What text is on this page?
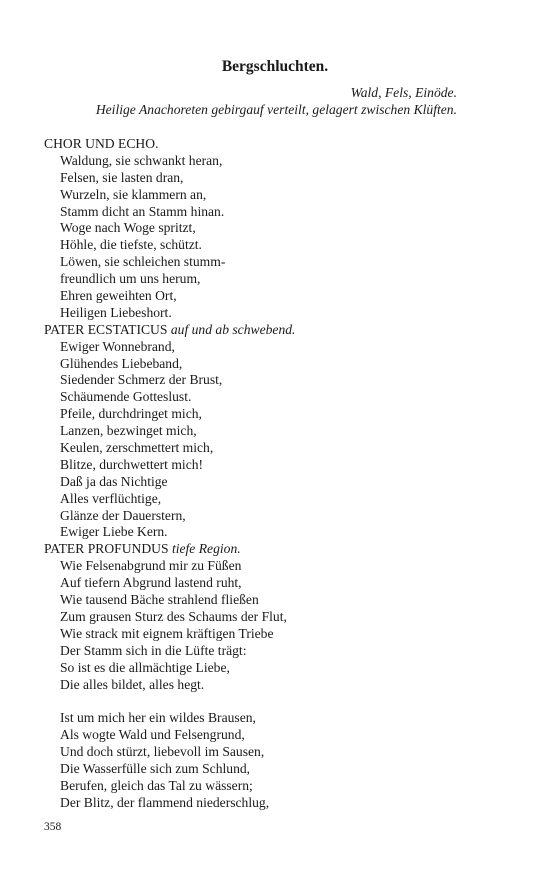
Bergschluchten.
Wald, Fels, Einöde.
Heilige Anachoreten gebirgauf verteilt, gelagert zwischen Klüften.
CHOR UND ECHO.
Waldung, sie schwankt heran,
Felsen, sie lasten dran,
Wurzeln, sie klammern an,
Stamm dicht an Stamm hinan.
Woge nach Woge spritzt,
Höhle, die tiefste, schützt.
Löwen, sie schleichen stumm-
freundlich um uns herum,
Ehren geweihten Ort,
Heiligen Liebeshort.
PATER ECSTATICUS auf und ab schwebend.
Ewiger Wonnebrand,
Glühendes Liebeband,
Siedender Schmerz der Brust,
Schäumende Gotteslust.
Pfeile, durchdringet mich,
Lanzen, bezwinget mich,
Keulen, zerschmettert mich,
Blitze, durchwettert mich!
Daß ja das Nichtige
Alles verflüchtige,
Glänze der Dauerstern,
Ewiger Liebe Kern.
PATER PROFUNDUS tiefe Region.
Wie Felsenabgrund mir zu Füßen
Auf tiefern Abgrund lastend ruht,
Wie tausend Bäche strahlend fließen
Zum grausen Sturz des Schaums der Flut,
Wie strack mit eignem kräftigen Triebe
Der Stamm sich in die Lüfte trägt:
So ist es die allmächtige Liebe,
Die alles bildet, alles hegt.
Ist um mich her ein wildes Brausen,
Als wogte Wald und Felsengrund,
Und doch stürzt, liebevoll im Sausen,
Die Wasserfülle sich zum Schlund,
Berufen, gleich das Tal zu wässern;
Der Blitz, der flammend niederschlug,
358
